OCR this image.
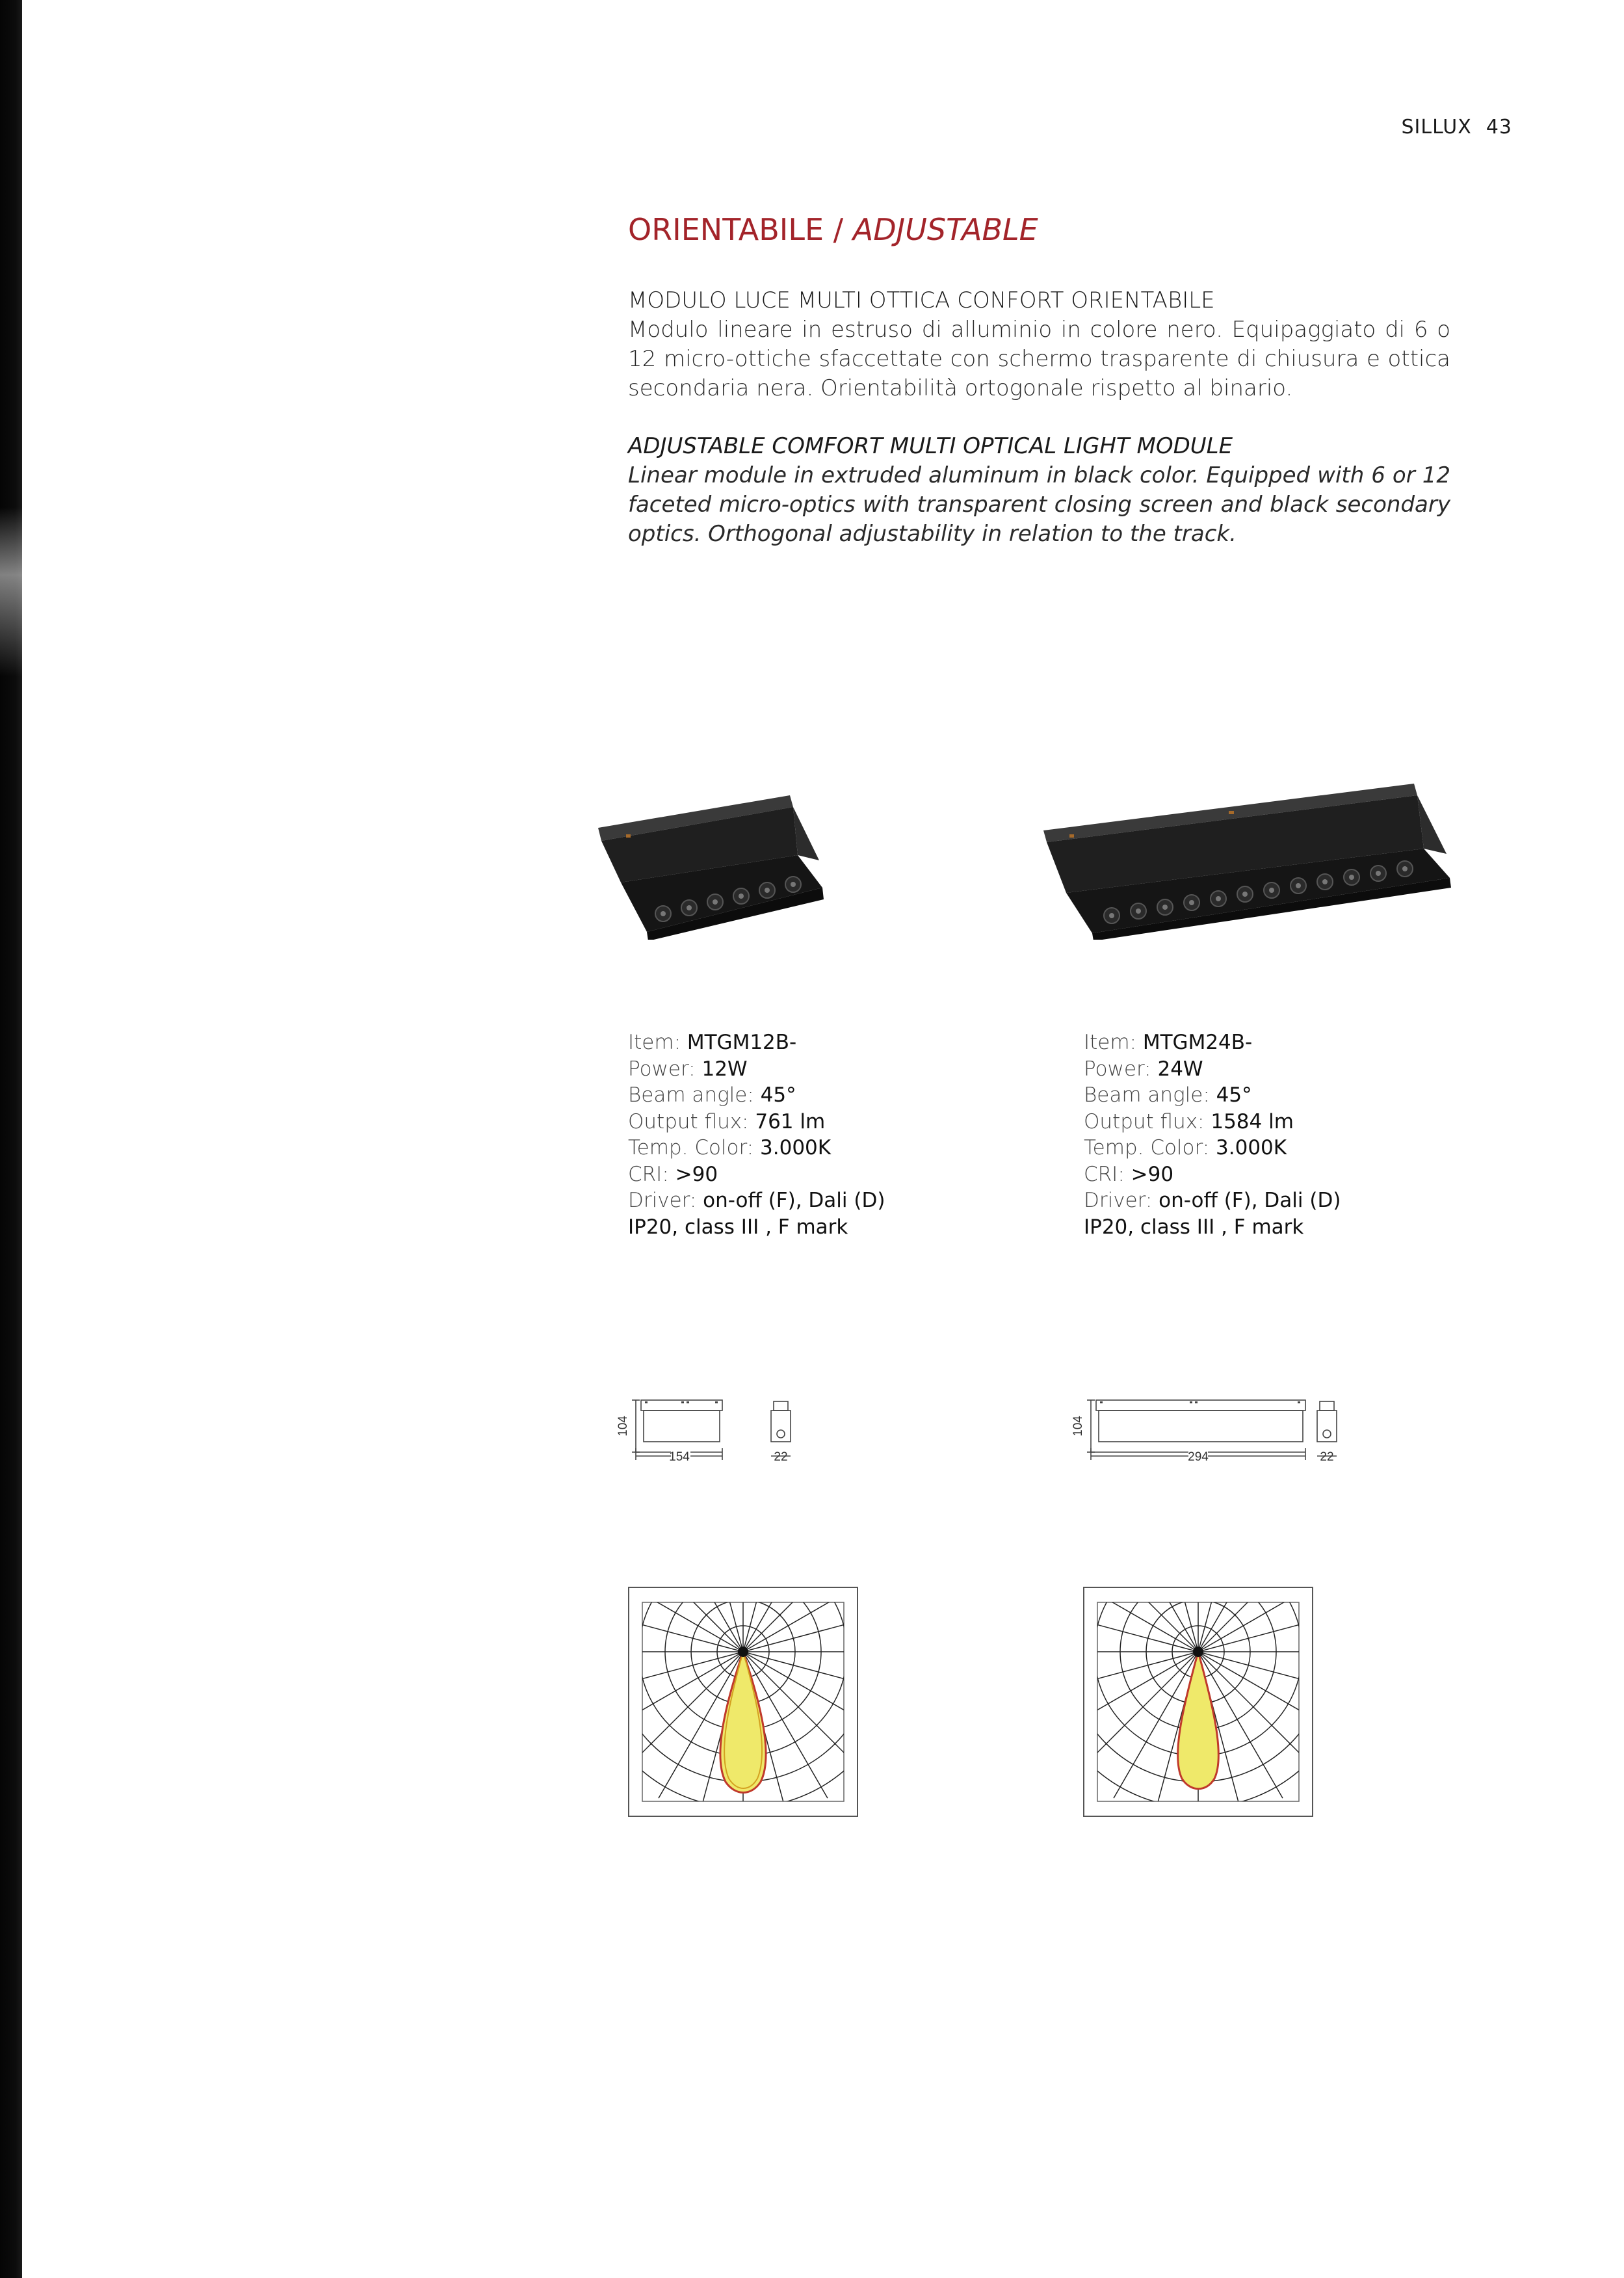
SILLUX 43
ORIENTABILE / ADJUSTABLE

MODULO LUCE MULTI OTTICA CONFORT ORIENTABILE
Modulo lineare in estruso di alluminio in colore nero. Equipaggiato di 6 o 12 micro-ottiche sfaccettate con schermo trasparente di chiusura e ottica secondaria nera. Orientabilità ortogonale rispetto al binario.

ADJUSTABLE COMFORT MULTI OPTICAL LIGHT MODULE
Linear module in extruded aluminum in black color. Equipped with 6 or 12 faceted micro-optics with transparent closing screen and black secondary optics. Orthogonal adjustability in relation to the track.

Item: MTGM12B-
Power: 12W
Beam angle: 45°
Output flux: 761 lm
Temp. Color: 3.000K
CRI: >90
Driver: on-off (F), Dali (D)
IP20, class III , F mark
Item: MTGM24B-
Power: 24W
Beam angle: 45°
Output flux: 1584 lm
Temp. Color: 3.000K
CRI: >90
Driver: on-off (F), Dali (D)
IP20, class III , F mark
154	22
104
294	22
104
